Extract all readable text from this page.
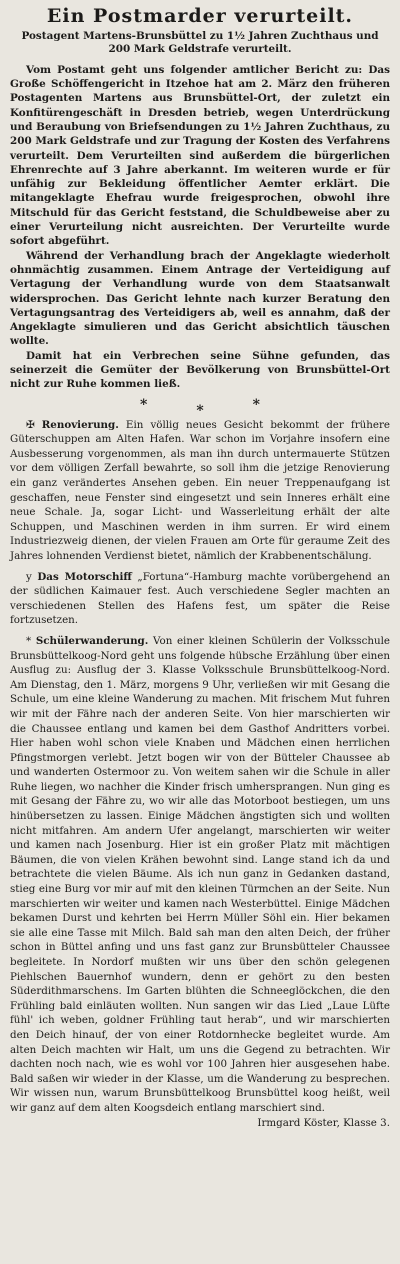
Ein Postmarder verurteilt.
Postagent Martens-Brunsbüttel zu 1½ Jahren Zuchthaus und 200 Mark Geldstrafe verurteilt.

Vom Postamt geht uns folgender amtlicher Bericht zu: Das Große Schöffengericht in Itzehoe hat am 2. März den früheren Postagenten Martens aus Brunsbüttel-Ort, der zuletzt ein Konfitürengeschäft in Dresden betrieb, wegen Unterdrückung und Beraubung von Briefsendungen zu 1½ Jahren Zuchthaus, zu 200 Mark Geldstrafe und zur Tragung der Kosten des Verfahrens verurteilt. Dem Verurteilten sind außerdem die bürgerlichen Ehrenrechte auf 3 Jahre aberkannt. Im weiteren wurde er für unfähig zur Bekleidung öffentlicher Aemter erklärt. Die mitangeklagte Ehefrau wurde freigesprochen, obwohl ihre Mitschuld für das Gericht feststand, die Schuldbeweise aber zu einer Verurteilung nicht ausreichten. Der Verurteilte wurde sofort abgeführt.

Während der Verhandlung brach der Angeklagte wiederholt ohnmächtig zusammen. Einem Antrage der Verteidigung auf Vertagung der Verhandlung wurde von dem Staatsanwalt widersprochen. Das Gericht lehnte nach kurzer Beratung den Vertagungsantrag des Verteidigers ab, weil es annahm, daß der Angeklagte simulieren und das Gericht absichtlich täuschen wollte.

Damit hat ein Verbrechen seine Sühne gefunden, das seinerzeit die Gemüter der Bevölkerung von Brunsbüttel-Ort nicht zur Ruhe kommen ließ.

*	*	*

✠ Renovierung. Ein völlig neues Gesicht bekommt der frühere Güterschuppen am Alten Hafen. War schon im Vorjahre insofern eine Ausbesserung vorgenommen, als man ihn durch untermauerte Stützen vor dem völligen Zerfall bewahrte, so soll ihm die jetzige Renovierung ein ganz verändertes Ansehen geben. Ein neuer Treppenaufgang ist geschaffen, neue Fenster sind eingesetzt und sein Inneres erhält eine neue Schale. Ja, sogar Licht- und Wasserleitung erhält der alte Schuppen, und Maschinen werden in ihm surren. Er wird einem Industriezweig dienen, der vielen Frauen am Orte für geraume Zeit des Jahres lohnenden Verdienst bietet, nämlich der Krabbenentschälung.

y Das Motorschiff „Fortuna“-Hamburg machte vorübergehend an der südlichen Kaimauer fest. Auch verschiedene Segler machten an verschiedenen Stellen des Hafens fest, um später die Reise fortzusetzen.

* Schülerwanderung. Von einer kleinen Schülerin der Volksschule Brunsbüttelkoog-Nord geht uns folgende hübsche Erzählung über einen Ausflug zu: Ausflug der 3. Klasse Volksschule Brunsbüttelkoog-Nord. Am Dienstag, den 1. März, morgens 9 Uhr, verließen wir mit Gesang die Schule, um eine kleine Wanderung zu machen. Mit frischem Mut fuhren wir mit der Fähre nach der anderen Seite. Von hier marschierten wir die Chaussee entlang und kamen bei dem Gasthof Andritters vorbei. Hier haben wohl schon viele Knaben und Mädchen einen herrlichen Pfingstmorgen verlebt. Jetzt bogen wir von der Bütteler Chaussee ab und wanderten Ostermoor zu. Von weitem sahen wir die Schule in aller Ruhe liegen, wo nachher die Kinder frisch umhersprangen. Nun ging es mit Gesang der Fähre zu, wo wir alle das Motorboot bestiegen, um uns hinübersetzen zu lassen. Einige Mädchen ängstigten sich und wollten nicht mitfahren. Am andern Ufer angelangt, marschierten wir weiter und kamen nach Josenburg. Hier ist ein großer Platz mit mächtigen Bäumen, die von vielen Krähen bewohnt sind. Lange stand ich da und betrachtete die vielen Bäume. Als ich nun ganz in Gedanken dastand, stieg eine Burg vor mir auf mit den kleinen Türmchen an der Seite. Nun marschierten wir weiter und kamen nach Westerbüttel. Einige Mädchen bekamen Durst und kehrten bei Herrn Müller Söhl ein. Hier bekamen sie alle eine Tasse mit Milch. Bald sah man den alten Deich, der früher schon in Büttel anfing und uns fast ganz zur Brunsbütteler Chaussee begleitete. In Nordorf mußten wir uns über den schön gelegenen Piehlschen Bauernhof wundern, denn er gehört zu den besten Süderdithmarschens. Im Garten blühten die Schneeglöckchen, die den Frühling bald einläuten wollten. Nun sangen wir das Lied „Laue Lüfte fühl' ich weben, goldner Frühling taut herab“, und wir marschierten den Deich hinauf, der von einer Rotdornhecke begleitet wurde. Am alten Deich machten wir Halt, um uns die Gegend zu betrachten. Wir dachten noch nach, wie es wohl vor 100 Jahren hier ausgesehen habe. Bald saßen wir wieder in der Klasse, um die Wanderung zu besprechen. Wir wissen nun, warum Brunsbüttelkoog Brunsbüttel koog heißt, weil wir ganz auf dem alten Koogsdeich entlang marschiert sind.
Irmgard Köster, Klasse 3.
